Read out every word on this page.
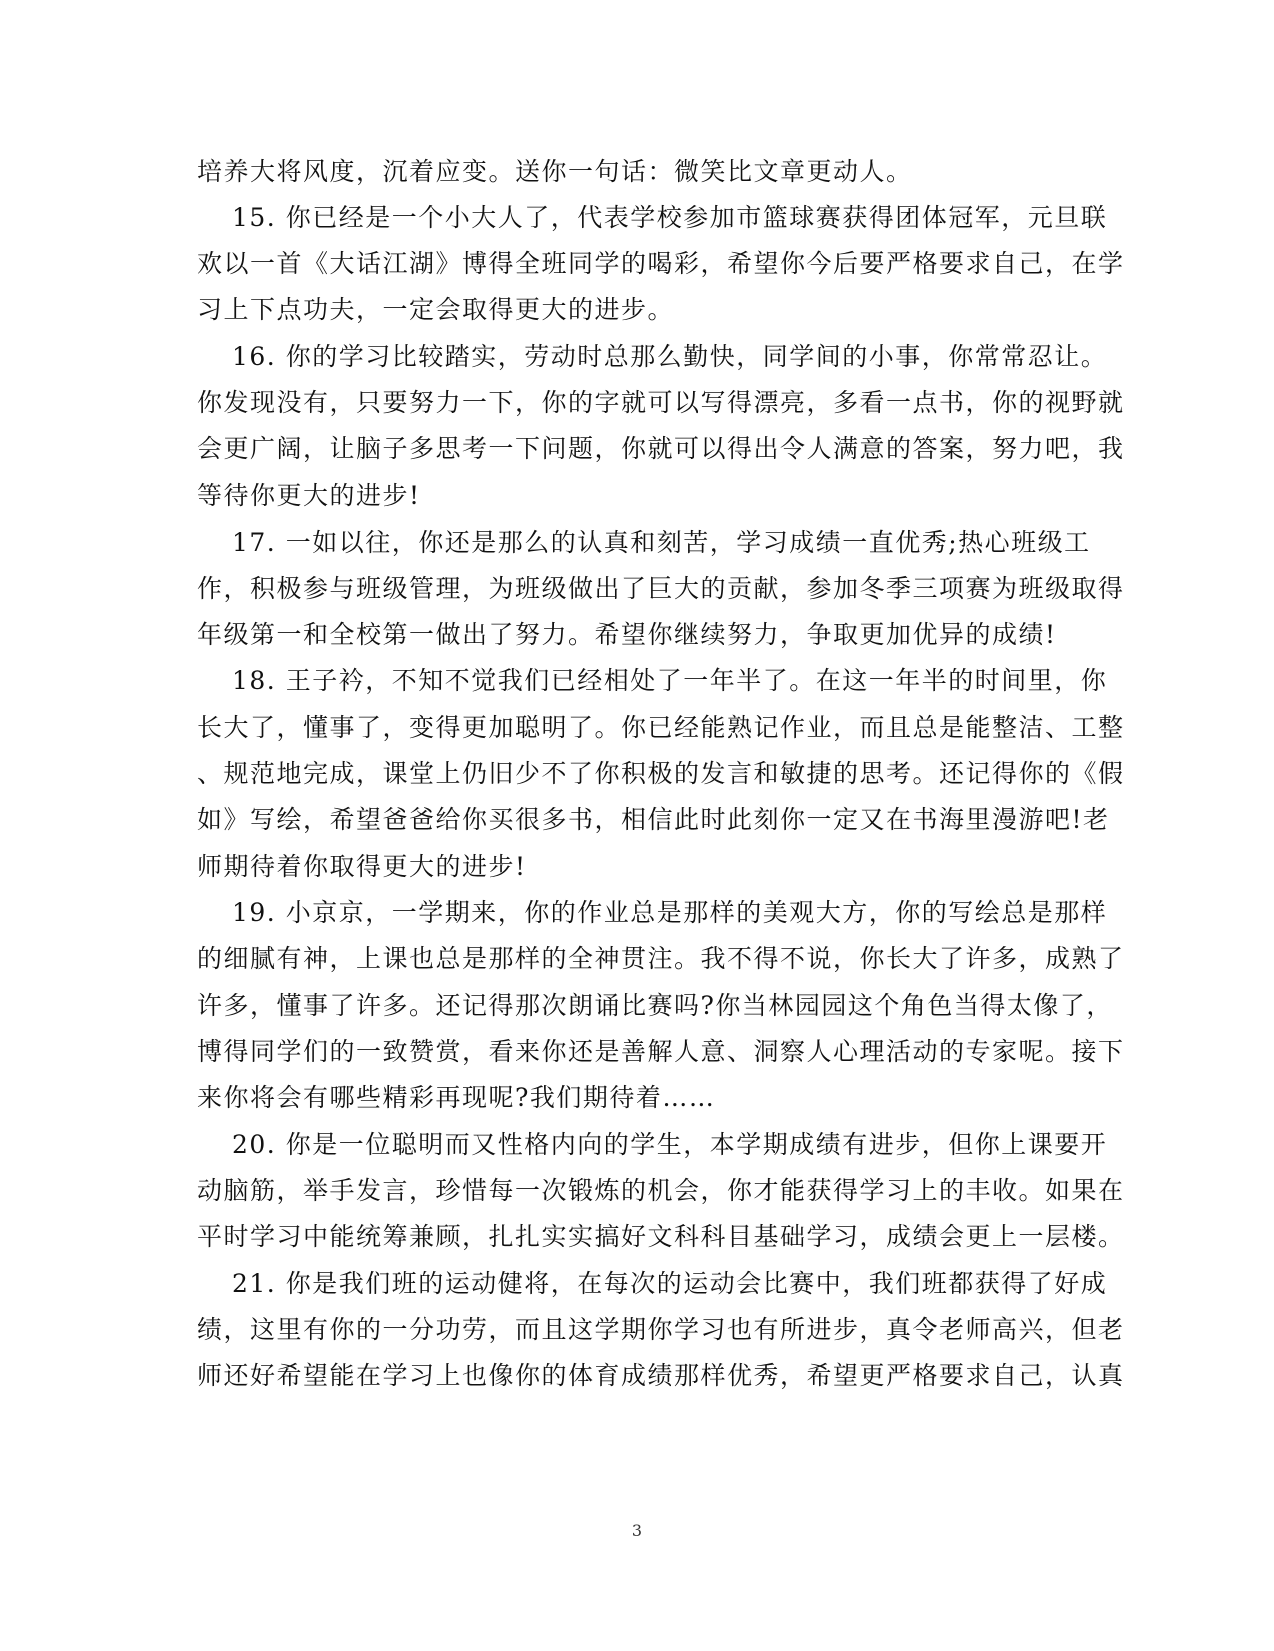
培养大将风度，沉着应变。送你一句话：微笑比文章更动人。
15. 你已经是一个小大人了，代表学校参加市篮球赛获得团体冠军，元旦联
欢以一首《大话江湖》博得全班同学的喝彩，希望你今后要严格要求自己，在学
习上下点功夫，一定会取得更大的进步。
16. 你的学习比较踏实，劳动时总那么勤快，同学间的小事，你常常忍让。
你发现没有，只要努力一下，你的字就可以写得漂亮，多看一点书，你的视野就
会更广阔，让脑子多思考一下问题，你就可以得出令人满意的答案，努力吧，我
等待你更大的进步!
17. 一如以往，你还是那么的认真和刻苦，学习成绩一直优秀;热心班级工
作，积极参与班级管理，为班级做出了巨大的贡献，参加冬季三项赛为班级取得
年级第一和全校第一做出了努力。希望你继续努力，争取更加优异的成绩!
18. 王子衿，不知不觉我们已经相处了一年半了。在这一年半的时间里，你
长大了，懂事了，变得更加聪明了。你已经能熟记作业，而且总是能整洁、工整
、规范地完成，课堂上仍旧少不了你积极的发言和敏捷的思考。还记得你的《假
如》写绘，希望爸爸给你买很多书，相信此时此刻你一定又在书海里漫游吧!老
师期待着你取得更大的进步!
19. 小京京，一学期来，你的作业总是那样的美观大方，你的写绘总是那样
的细腻有神，上课也总是那样的全神贯注。我不得不说，你长大了许多，成熟了
许多，懂事了许多。还记得那次朗诵比赛吗?你当林园园这个角色当得太像了，
博得同学们的一致赞赏，看来你还是善解人意、洞察人心理活动的专家呢。接下
来你将会有哪些精彩再现呢?我们期待着……
20. 你是一位聪明而又性格内向的学生，本学期成绩有进步，但你上课要开
动脑筋，举手发言，珍惜每一次锻炼的机会，你才能获得学习上的丰收。如果在
平时学习中能统筹兼顾，扎扎实实搞好文科科目基础学习，成绩会更上一层楼。
21. 你是我们班的运动健将，在每次的运动会比赛中，我们班都获得了好成
绩，这里有你的一分功劳，而且这学期你学习也有所进步，真令老师高兴，但老
师还好希望能在学习上也像你的体育成绩那样优秀，希望更严格要求自己，认真
3
